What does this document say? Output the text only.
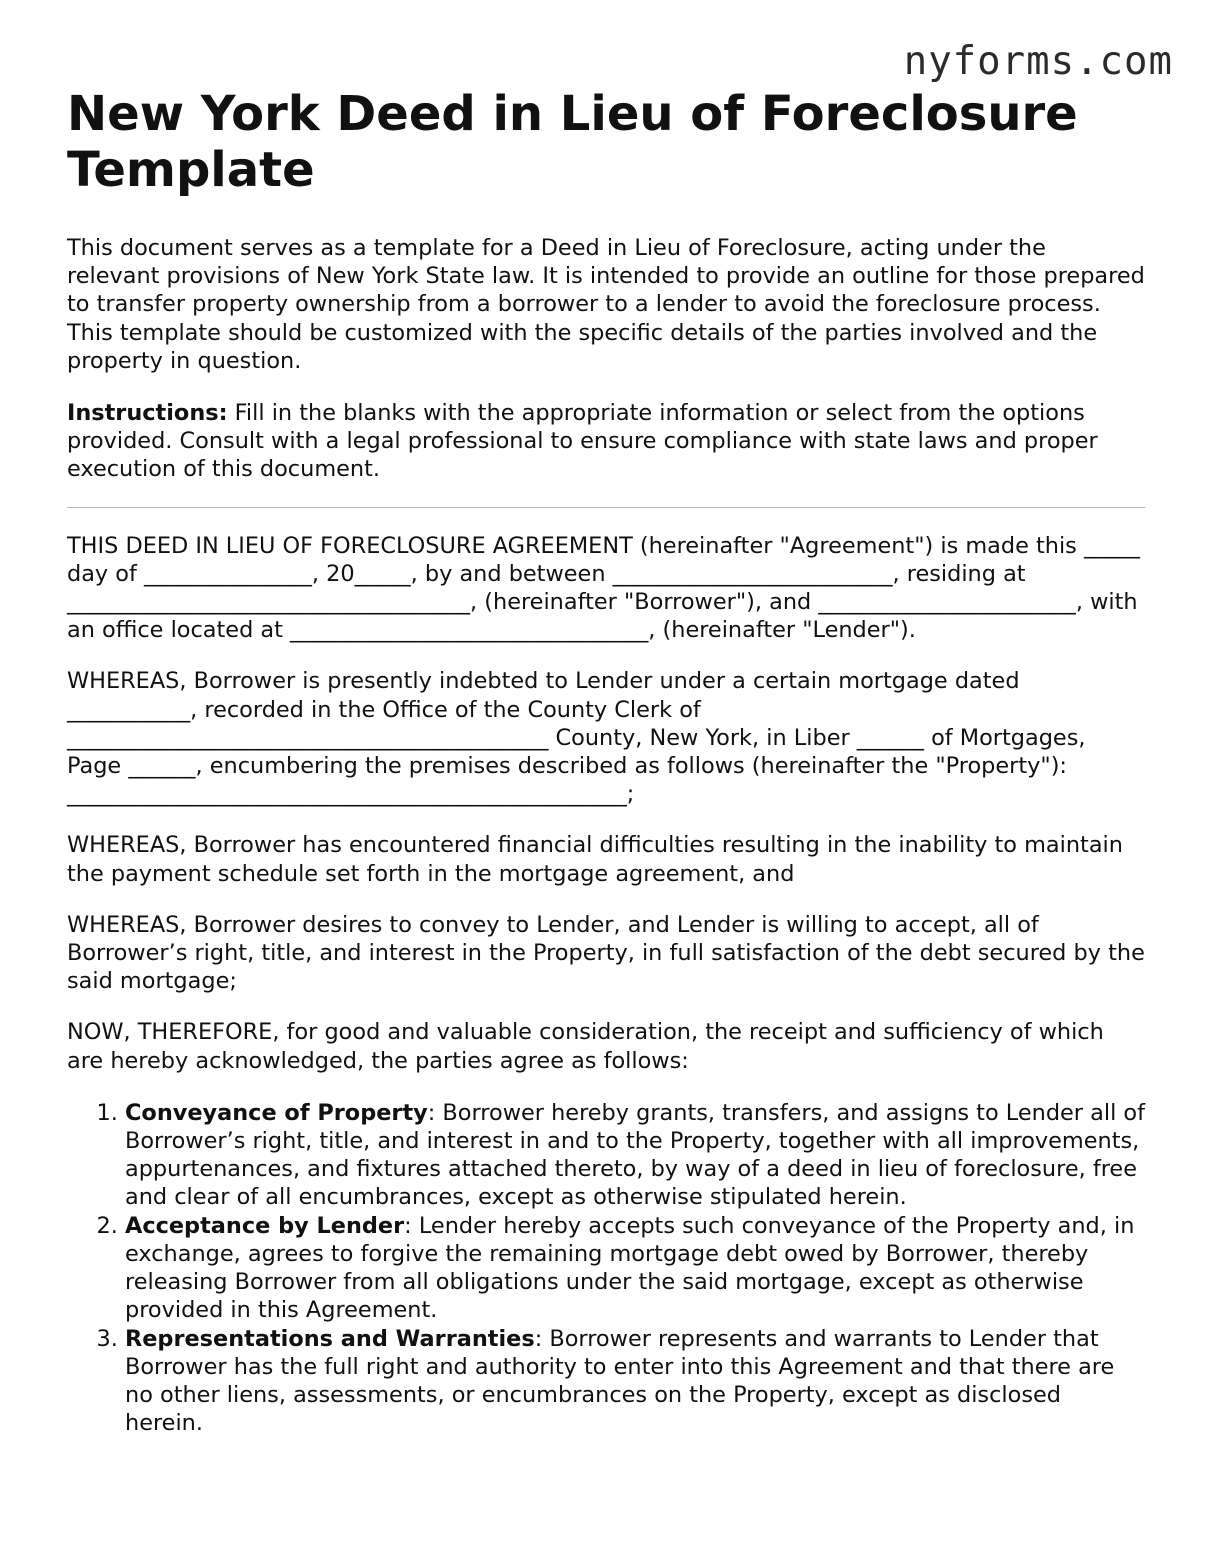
nyforms.com
New York Deed in Lieu of Foreclosure Template

This document serves as a template for a Deed in Lieu of Foreclosure, acting under the relevant provisions of New York State law. It is intended to provide an outline for those prepared to transfer property ownership from a borrower to a lender to avoid the foreclosure process. This template should be customized with the specific details of the parties involved and the property in question.

Instructions: Fill in the blanks with the appropriate information or select from the options provided. Consult with a legal professional to ensure compliance with state laws and proper execution of this document.

THIS DEED IN LIEU OF FORECLOSURE AGREEMENT (hereinafter "Agreement") is made this _____ day of _______________, 20_____, by and between _________________________, residing at ____________________________________, (hereinafter "Borrower"), and _______________________, with an office located at ________________________________, (hereinafter "Lender").

WHEREAS, Borrower is presently indebted to Lender under a certain mortgage dated ___________, recorded in the Office of the County Clerk of ___________________________________________ County, New York, in Liber ______ of Mortgages, Page ______, encumbering the premises described as follows (hereinafter the "Property"): __________________________________________________;

WHEREAS, Borrower has encountered financial difficulties resulting in the inability to maintain the payment schedule set forth in the mortgage agreement, and

WHEREAS, Borrower desires to convey to Lender, and Lender is willing to accept, all of Borrower’s right, title, and interest in the Property, in full satisfaction of the debt secured by the said mortgage;

NOW, THEREFORE, for good and valuable consideration, the receipt and sufficiency of which are hereby acknowledged, the parties agree as follows:

1. Conveyance of Property: Borrower hereby grants, transfers, and assigns to Lender all of Borrower’s right, title, and interest in and to the Property, together with all improvements, appurtenances, and fixtures attached thereto, by way of a deed in lieu of foreclosure, free and clear of all encumbrances, except as otherwise stipulated herein.
2. Acceptance by Lender: Lender hereby accepts such conveyance of the Property and, in exchange, agrees to forgive the remaining mortgage debt owed by Borrower, thereby releasing Borrower from all obligations under the said mortgage, except as otherwise provided in this Agreement.
3. Representations and Warranties: Borrower represents and warrants to Lender that Borrower has the full right and authority to enter into this Agreement and that there are no other liens, assessments, or encumbrances on the Property, except as disclosed herein.
